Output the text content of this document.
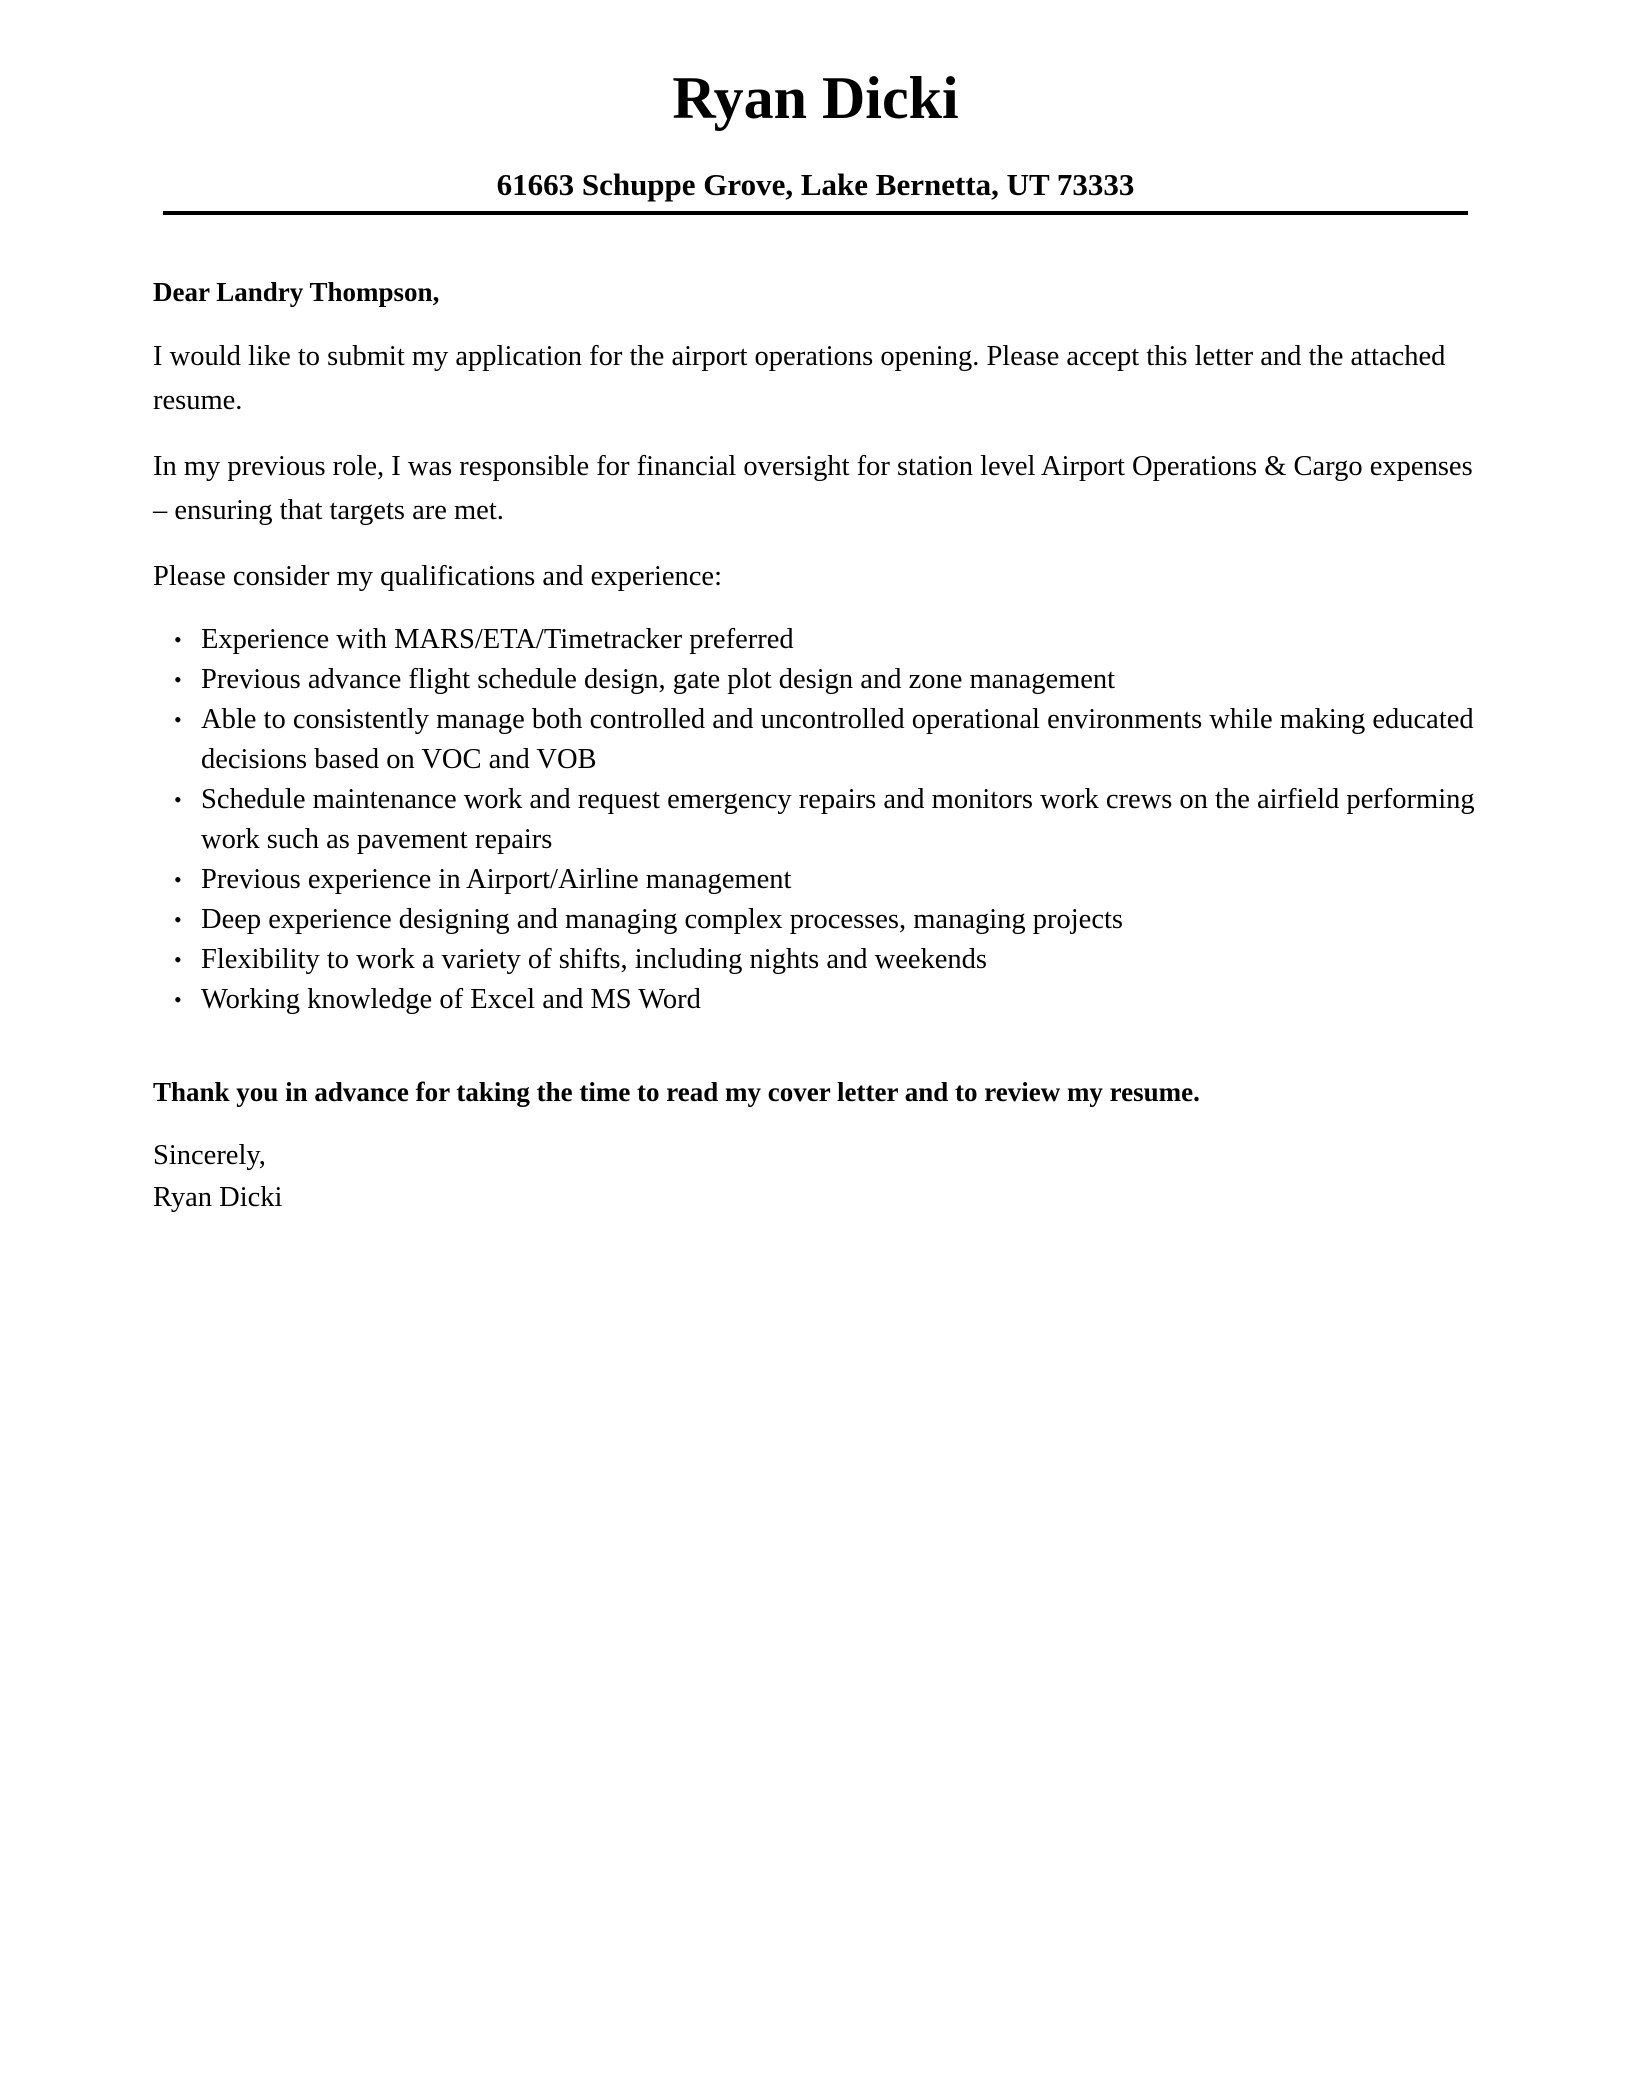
Ryan Dicki
61663 Schuppe Grove, Lake Bernetta, UT 73333

Dear Landry Thompson,

I would like to submit my application for the airport operations opening. Please accept this letter and the attached resume.

In my previous role, I was responsible for financial oversight for station level Airport Operations & Cargo expenses – ensuring that targets are met.

Please consider my qualifications and experience:

• Experience with MARS/ETA/Timetracker preferred
• Previous advance flight schedule design, gate plot design and zone management
• Able to consistently manage both controlled and uncontrolled operational environments while making educated decisions based on VOC and VOB
• Schedule maintenance work and request emergency repairs and monitors work crews on the airfield performing work such as pavement repairs
• Previous experience in Airport/Airline management
• Deep experience designing and managing complex processes, managing projects
• Flexibility to work a variety of shifts, including nights and weekends
• Working knowledge of Excel and MS Word

Thank you in advance for taking the time to read my cover letter and to review my resume.

Sincerely,
Ryan Dicki
